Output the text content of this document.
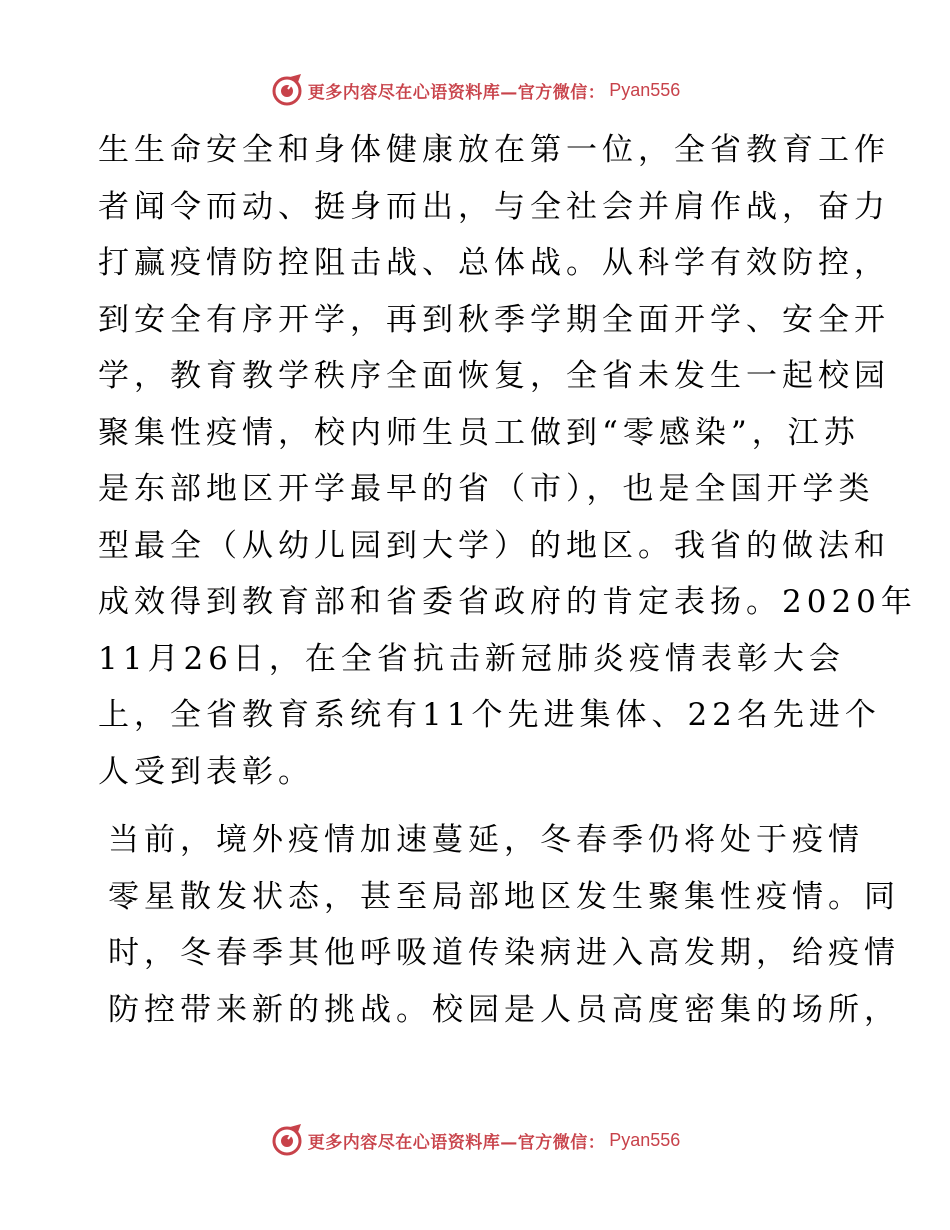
更多内容尽在心语资料库—官方微信： Pyan556

生生命安全和身体健康放在第一位，全省教育工作
者闻令而动、挺身而出，与全社会并肩作战，奋力
打赢疫情防控阻击战、总体战。从科学有效防控，
到安全有序开学，再到秋季学期全面开学、安全开
学，教育教学秩序全面恢复，全省未发生一起校园
聚集性疫情，校内师生员工做到“零感染”，江苏
是东部地区开学最早的省（市），也是全国开学类
型最全（从幼儿园到大学）的地区。我省的做法和
成效得到教育部和省委省政府的肯定表扬。2020年
11月26日，在全省抗击新冠肺炎疫情表彰大会
上，全省教育系统有11个先进集体、22名先进个
人受到表彰。

当前，境外疫情加速蔓延，冬春季仍将处于疫情
零星散发状态，甚至局部地区发生聚集性疫情。同
时，冬春季其他呼吸道传染病进入高发期，给疫情
防控带来新的挑战。校园是人员高度密集的场所，

更多内容尽在心语资料库—官方微信： Pyan556
